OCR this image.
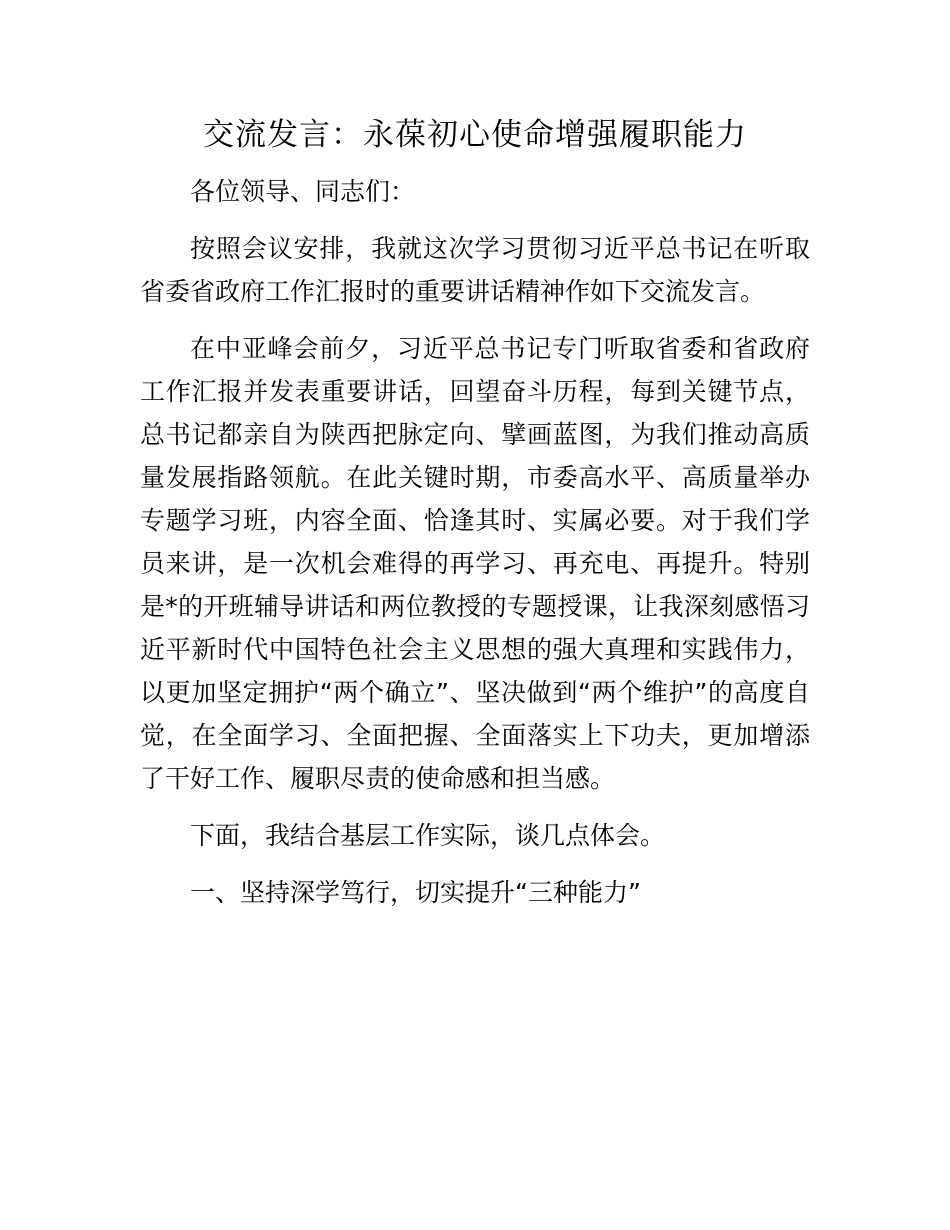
交流发言：永葆初心使命增强履职能力

各位领导、同志们：

按照会议安排，我就这次学习贯彻习近平总书记在听取省委省政府工作汇报时的重要讲话精神作如下交流发言。

在中亚峰会前夕，习近平总书记专门听取省委和省政府工作汇报并发表重要讲话，回望奋斗历程，每到关键节点，总书记都亲自为陕西把脉定向、擘画蓝图，为我们推动高质量发展指路领航。在此关键时期，市委高水平、高质量举办专题学习班，内容全面、恰逢其时、实属必要。对于我们学员来讲，是一次机会难得的再学习、再充电、再提升。特别是*的开班辅导讲话和两位教授的专题授课，让我深刻感悟习近平新时代中国特色社会主义思想的强大真理和实践伟力，以更加坚定拥护“两个确立”、坚决做到“两个维护”的高度自觉，在全面学习、全面把握、全面落实上下功夫，更加增添了干好工作、履职尽责的使命感和担当感。

下面，我结合基层工作实际，谈几点体会。

一、坚持深学笃行，切实提升“三种能力”
